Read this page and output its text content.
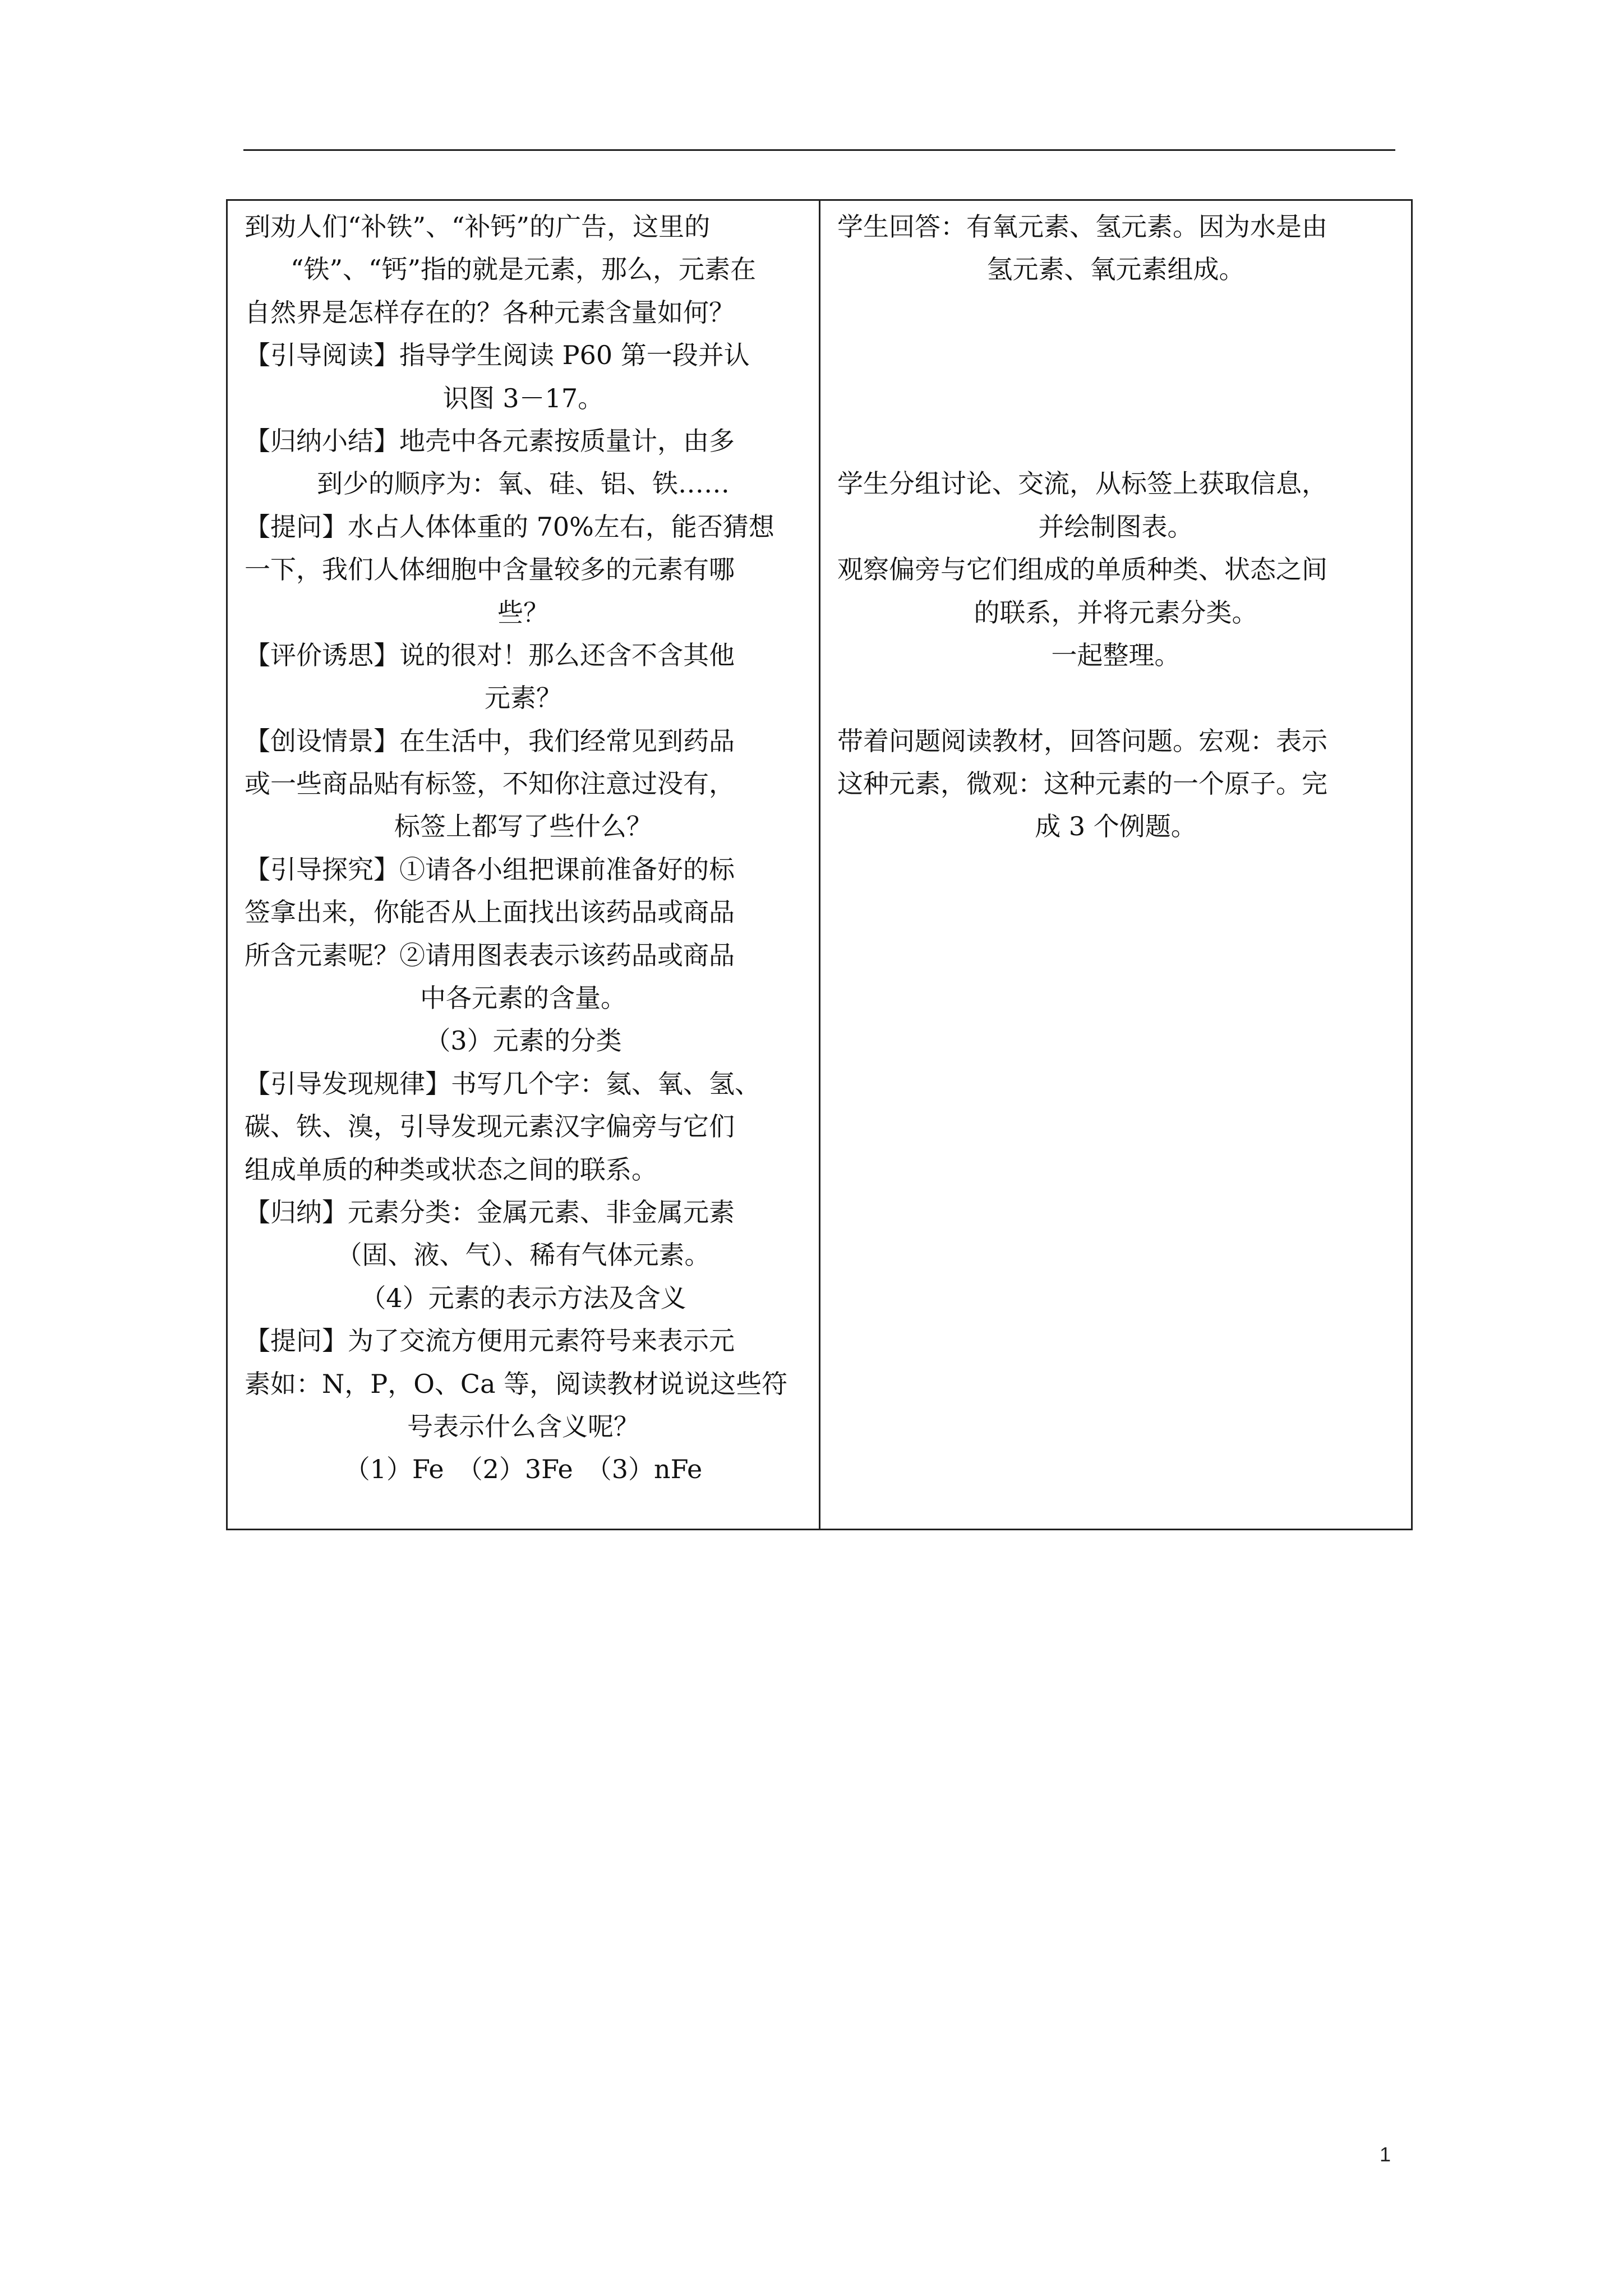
到劝人们“补铁”、“补钙”的广告，这里的
“铁”、“钙”指的就是元素，那么，元素在
自然界是怎样存在的？各种元素含量如何？
【引导阅读】指导学生阅读 P60 第一段并认
识图 3－17。
【归纳小结】地壳中各元素按质量计，由多
到少的顺序为：氧、硅、铝、铁……
【提问】水占人体体重的 70%左右，能否猜想
一下，我们人体细胞中含量较多的元素有哪
些？
【评价诱思】说的很对！那么还含不含其他
元素？
【创设情景】在生活中，我们经常见到药品
或一些商品贴有标签，不知你注意过没有，
标签上都写了些什么？
【引导探究】①请各小组把课前准备好的标
签拿出来，你能否从上面找出该药品或商品
所含元素呢？②请用图表表示该药品或商品
中各元素的含量。
（3）元素的分类
【引导发现规律】书写几个字：氦、氧、氢、
碳、铁、溴，引导发现元素汉字偏旁与它们
组成单质的种类或状态之间的联系。
【归纳】元素分类：金属元素、非金属元素
（固、液、气）、稀有气体元素。
（4）元素的表示方法及含义
【提问】为了交流方便用元素符号来表示元
素如：N，P，O、Ca 等，阅读教材说说这些符
号表示什么含义呢？
（1）Fe　（2）3Fe　（3）nFe
学生回答：有氧元素、氢元素。因为水是由
氢元素、氧元素组成。
学生分组讨论、交流，从标签上获取信息，
并绘制图表。
观察偏旁与它们组成的单质种类、状态之间
的联系，并将元素分类。
一起整理。
带着问题阅读教材，回答问题。宏观：表示
这种元素，微观：这种元素的一个原子。完
成 3 个例题。
1
